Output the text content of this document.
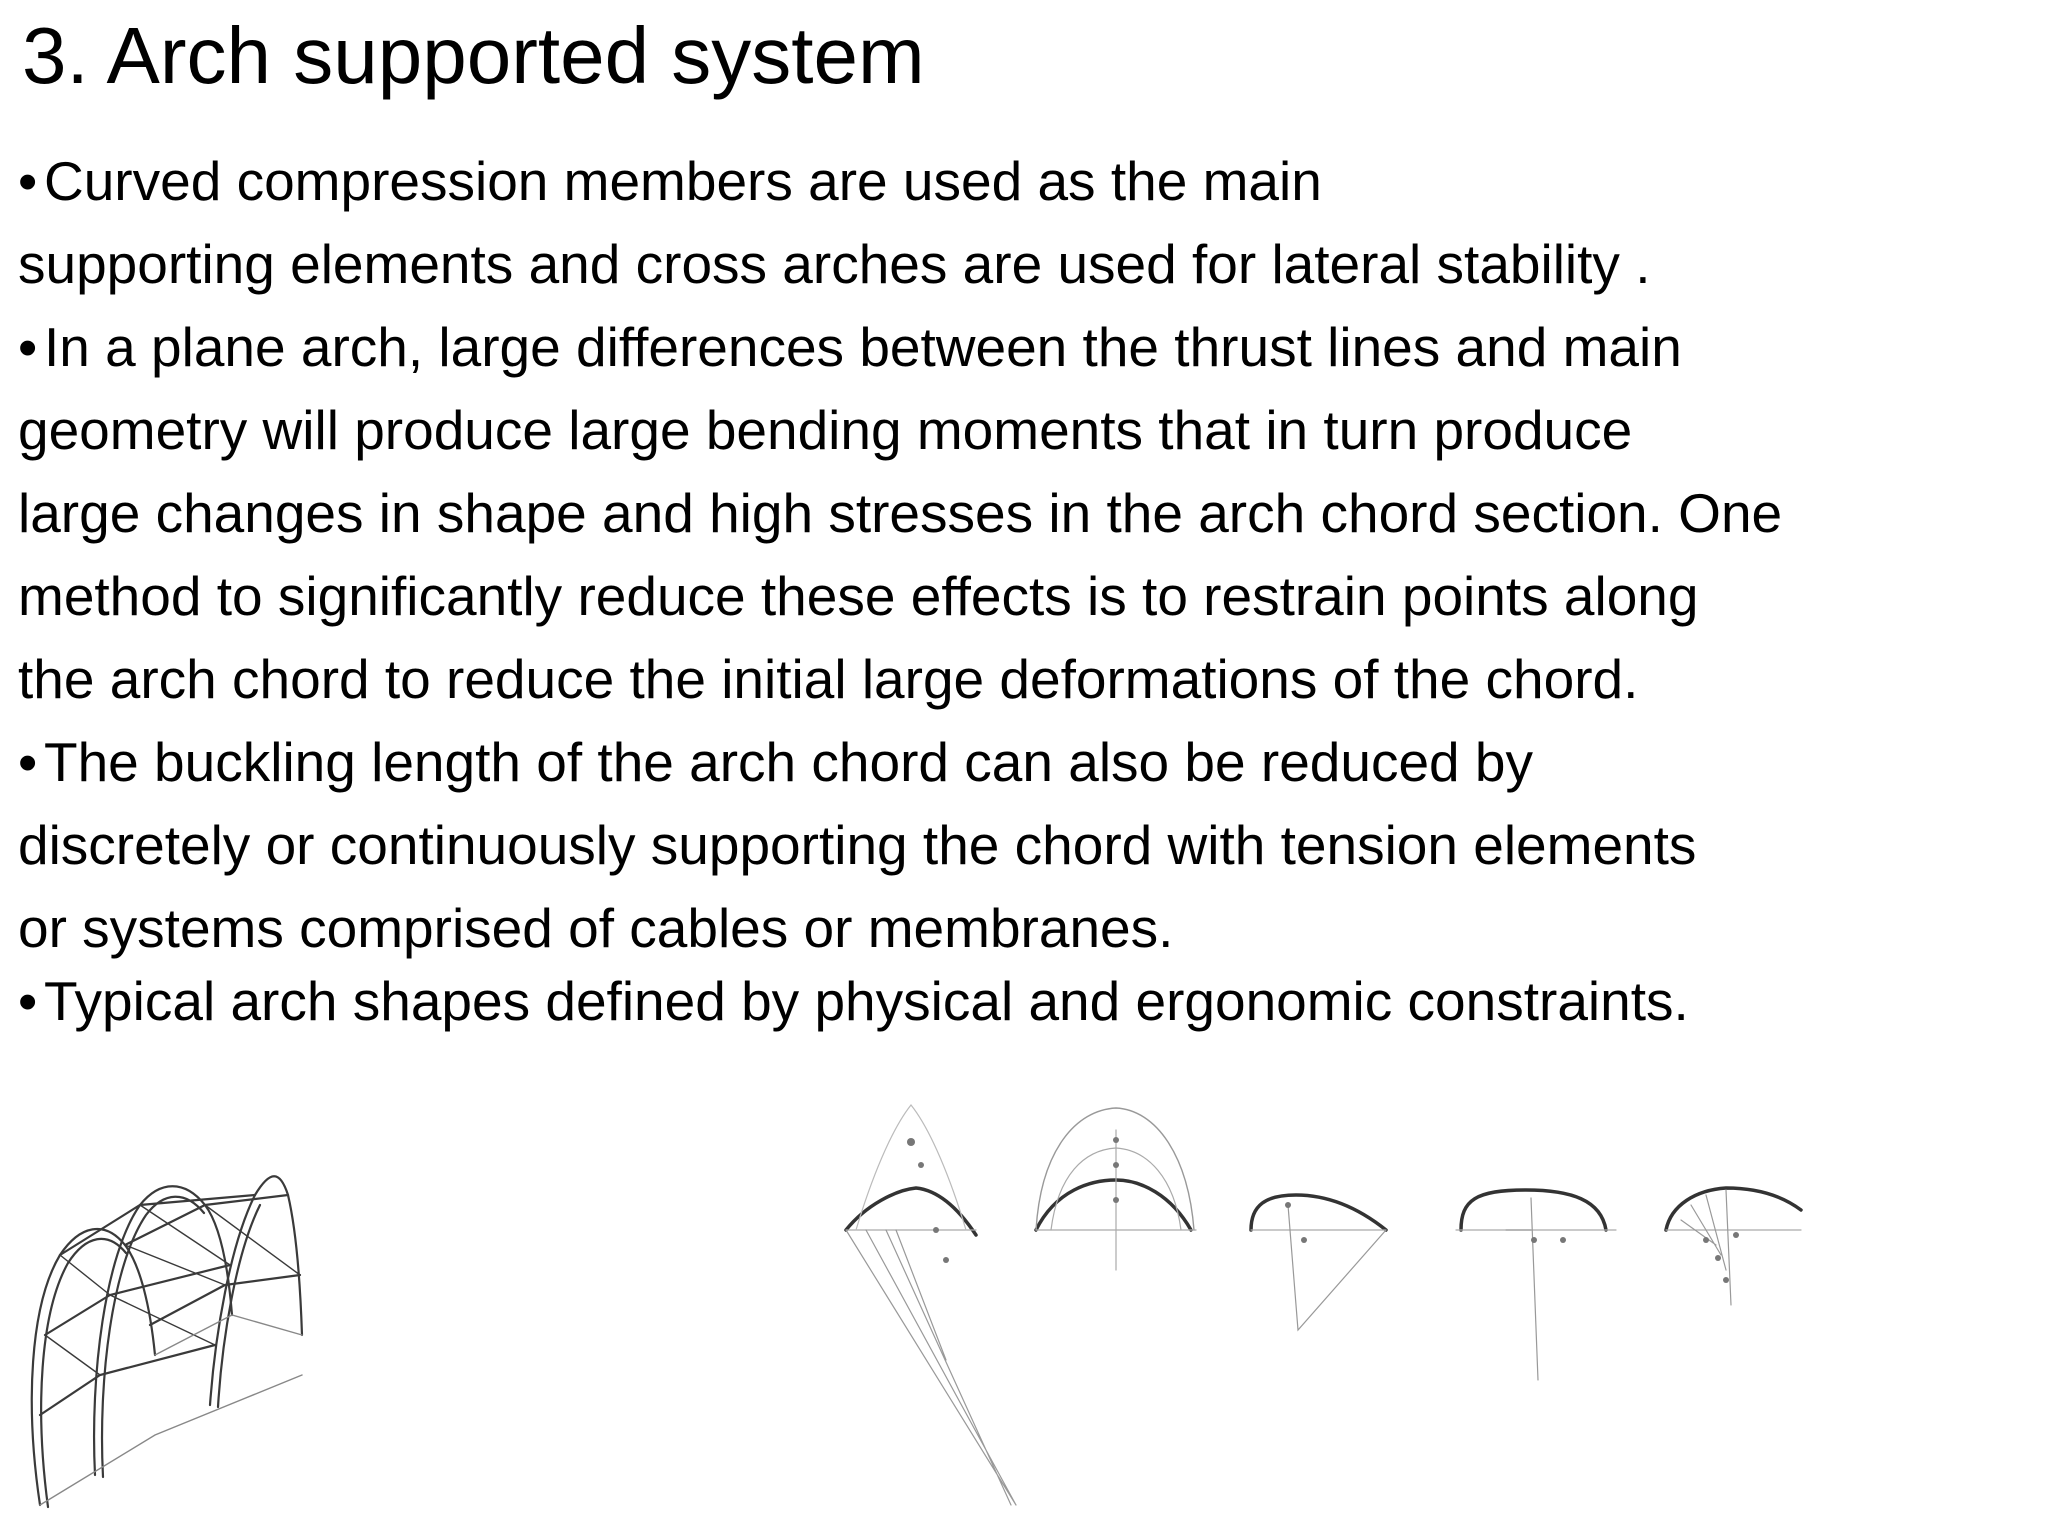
3. Arch supported system

• Curved compression members are used as the main
supporting elements and cross arches are used for lateral stability .

• In a plane arch, large differences between the thrust lines and main
geometry will produce large bending moments that in turn produce
large changes in shape and high stresses in the arch chord section. One
method to significantly reduce these effects is to restrain points along
the arch chord to reduce the initial large deformations of the chord.

• The buckling length of the arch chord can also be reduced by
discretely or continuously supporting the chord with tension elements
or systems comprised of cables or membranes.

• Typical arch shapes defined by physical and ergonomic constraints.
